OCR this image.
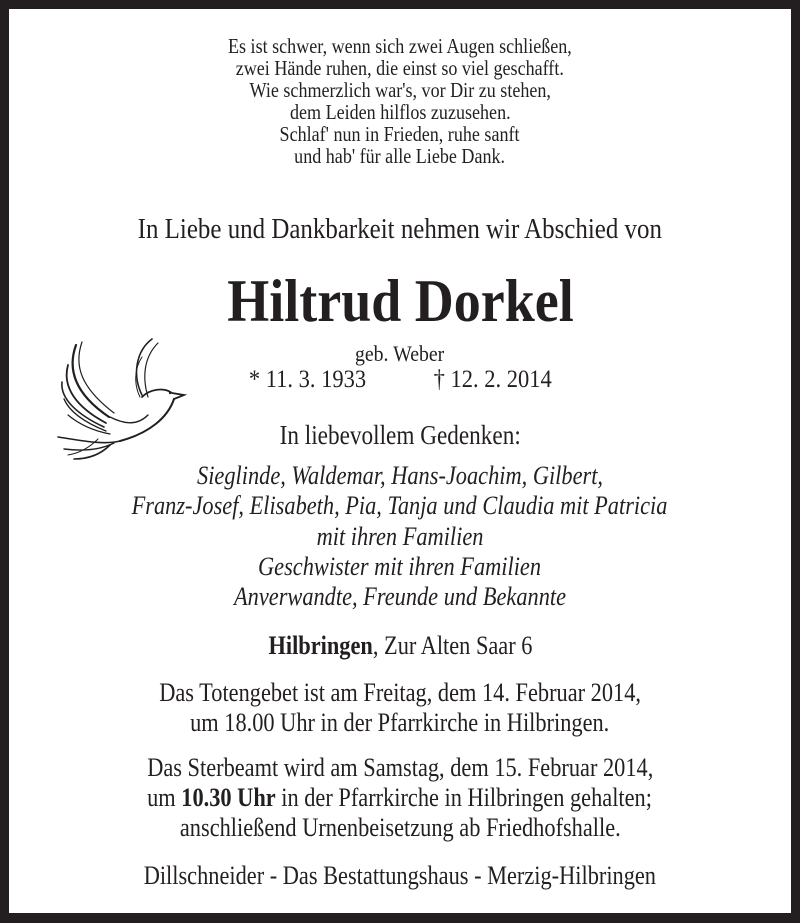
Es ist schwer, wenn sich zwei Augen schließen,
zwei Hände ruhen, die einst so viel geschafft.
Wie schmerzlich war's, vor Dir zu stehen,
dem Leiden hilflos zuzusehen.
Schlaf' nun in Frieden, ruhe sanft
und hab' für alle Liebe Dank.
In Liebe und Dankbarkeit nehmen wir Abschied von
Hiltrud Dorkel
geb. Weber
* 11. 3. 1933	† 12. 2. 2014
In liebevollem Gedenken:
Sieglinde, Waldemar, Hans-Joachim, Gilbert,
Franz-Josef, Elisabeth, Pia, Tanja und Claudia mit Patricia
mit ihren Familien
Geschwister mit ihren Familien
Anverwandte, Freunde und Bekannte
Hilbringen, Zur Alten Saar 6
Das Totengebet ist am Freitag, dem 14. Februar 2014,
um 18.00 Uhr in der Pfarrkirche in Hilbringen.
Das Sterbeamt wird am Samstag, dem 15. Februar 2014,
um 10.30 Uhr in der Pfarrkirche in Hilbringen gehalten;
anschließend Urnenbeisetzung ab Friedhofshalle.
Dillschneider - Das Bestattungshaus - Merzig-Hilbringen
